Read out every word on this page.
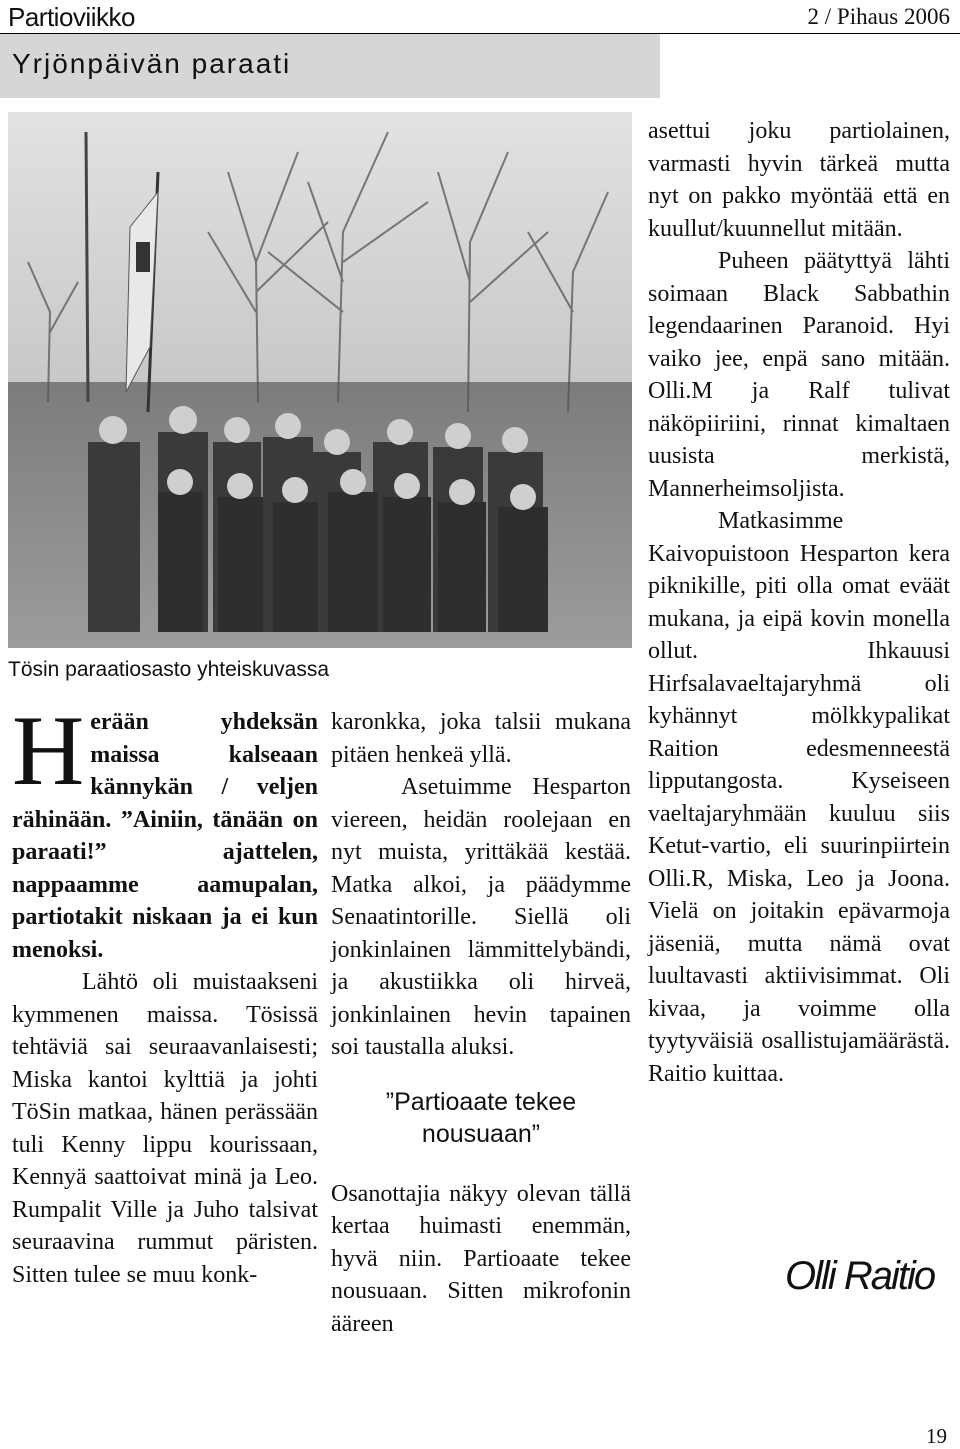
Partioviikko	2 / Pihaus 2006
Yrjönpäivän paraati
Tösin paraatiosasto yhteiskuvassa

Herään yhdeksän maissa kalseaan kännykän / veljen rähinään. ”Ainiin, tänään on paraati!” ajattelen, nappaamme aamupalan, partiotakit niskaan ja ei kun menoksi.

Lähtö oli muistaakseni kymmenen maissa. Tösissä tehtäviä sai seuraavanlaisesti; Miska kantoi kylttiä ja johti TöSin matkaa, hänen perässään tuli Kenny lippu kourissaan, Kennyä saattoivat minä ja Leo. Rumpalit Ville ja Juho talsivat seuraavina rummut päristen. Sitten tulee se muu konk-

karonkka, joka talsii mukana pitäen henkeä yllä.

Asetuimme Hesparton viereen, heidän roolejaan en nyt muista, yrittäkää kestää. Matka alkoi, ja päädymme Senaatintorille. Siellä oli jonkinlainen lämmittelybändi, ja akustiikka oli hirveä, jonkinlainen hevin tapainen soi taustalla aluksi.

”Partioaate tekee nousuaan”

Osanottajia näkyy olevan tällä kertaa huimasti enemmän, hyvä niin. Partioaate tekee nousuaan. Sitten mikrofonin ääreen

asettui joku partiolainen, varmasti hyvin tärkeä mutta nyt on pakko myöntää että en kuullut/kuunnellut mitään.

Puheen päätyttyä lähti soimaan Black Sabbathin legendaarinen Paranoid. Hyi vaiko jee, enpä sano mitään. Olli.M ja Ralf tulivat näköpiiriini, rinnat kimaltaen uusista merkistä, Mannerheimsoljista.

Matkasimme Kaivopuistoon Hesparton kera piknikille, piti olla omat eväät mukana, ja eipä kovin monella ollut. Ihkauusi Hirfsalavaeltajaryhmä oli kyhännyt mölkkypalikat Raition edesmenneestä lipputangosta. Kyseiseen vaeltajaryhmään kuuluu siis Ketut-vartio, eli suurinpiirtein Olli.R, Miska, Leo ja Joona. Vielä on joitakin epävarmoja jäseniä, mutta nämä ovat luultavasti aktiivisimmat. Oli kivaa, ja voimme olla tyytyväisiä osallistujamäärästä. Raitio kuittaa.

Olli Raitio
19
